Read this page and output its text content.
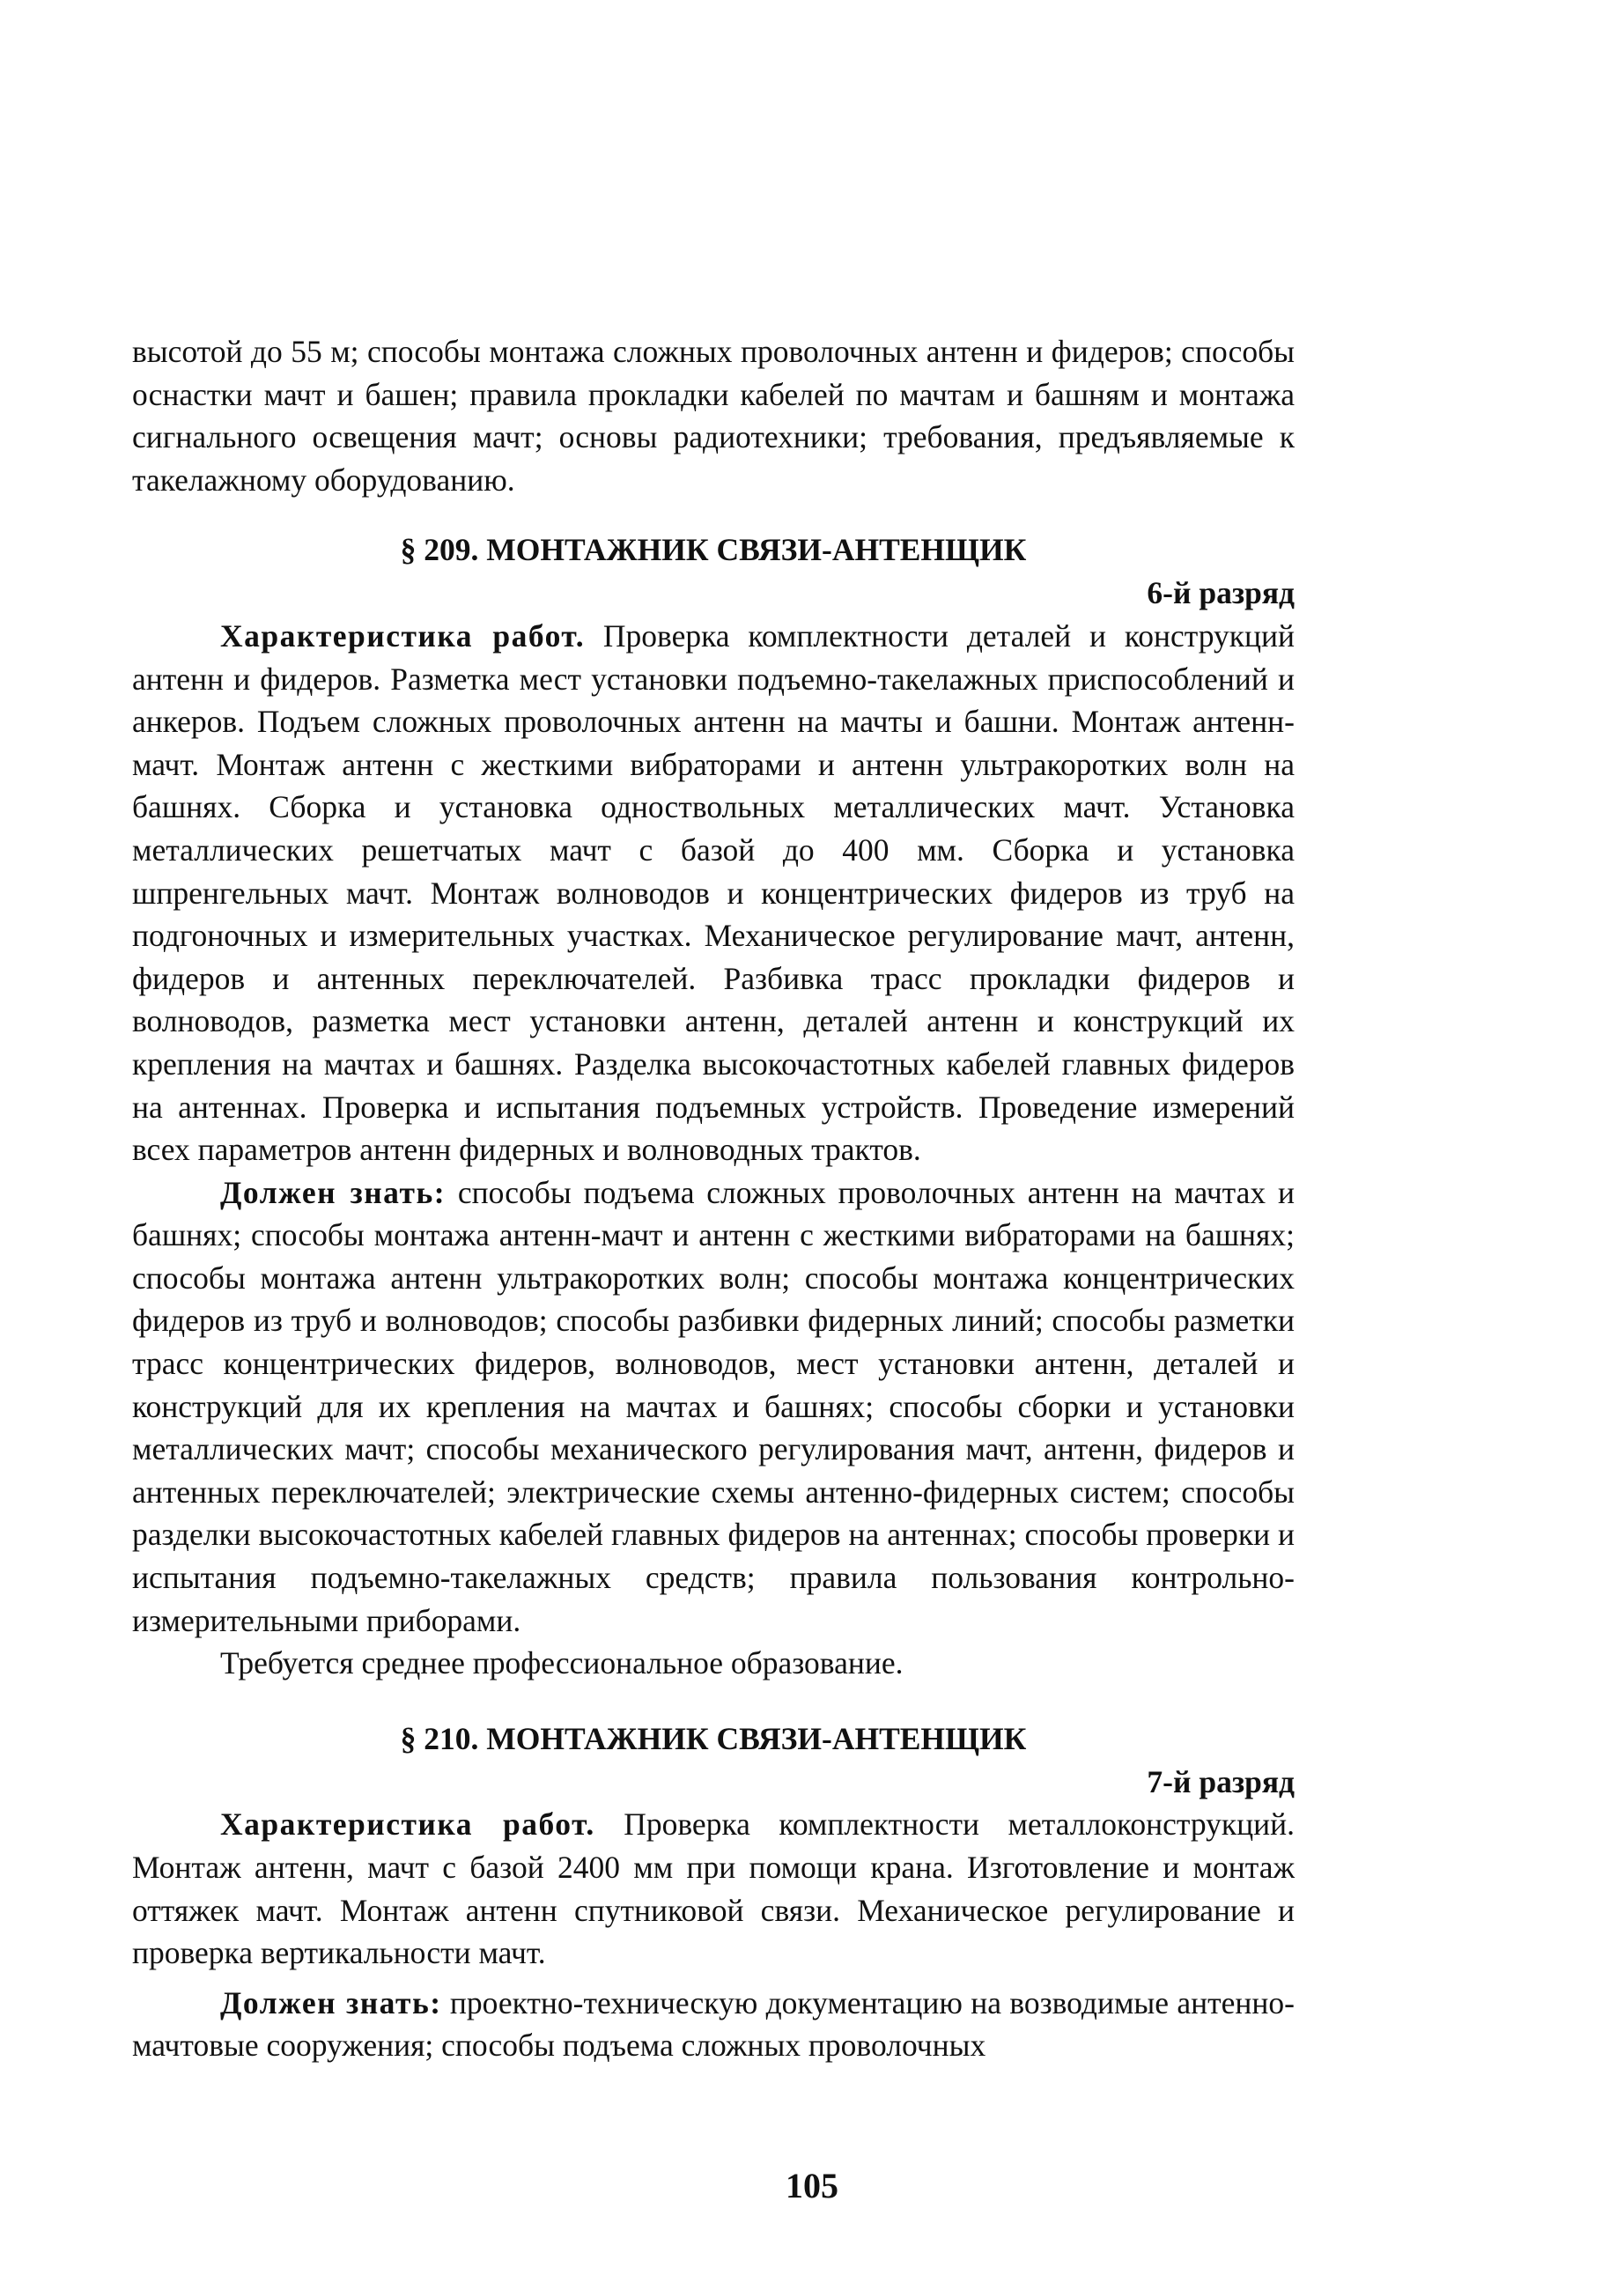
высотой до 55 м; способы монтажа сложных проволочных антенн и фидеров; способы оснастки мачт и башен; правила прокладки кабелей по мачтам и башням и монтажа сигнального освещения мачт; основы радиотехники; требования, предъявляемые к такелажному оборудованию.

§ 209. МОНТАЖНИК СВЯЗИ-АНТЕНЩИК

6-й разряд

Характеристика работ. Проверка комплектности деталей и конструкций антенн и фидеров. Разметка мест установки подъемно-такелажных приспособлений и анкеров. Подъем сложных проволочных антенн на мачты и башни. Монтаж антенн-мачт. Монтаж антенн с жесткими вибраторами и антенн ультракоротких волн на башнях. Сборка и установка одноствольных металлических мачт. Установка металлических решетчатых мачт с базой до 400 мм. Сборка и установка шпренгельных мачт. Монтаж волноводов и концентрических фидеров из труб на подгоночных и измерительных участках. Механическое регулирование мачт, антенн, фидеров и антенных переключателей. Разбивка трасс прокладки фидеров и волноводов, разметка мест установки антенн, деталей антенн и конструкций их крепления на мачтах и башнях. Разделка высокочастотных кабелей главных фидеров на антеннах. Проверка и испытания подъемных устройств. Проведение измерений всех параметров антенн фидерных и волноводных трактов.

Должен знать: способы подъема сложных проволочных антенн на мачтах и башнях; способы монтажа антенн-мачт и антенн с жесткими вибраторами на башнях; способы монтажа антенн ультракоротких волн; способы монтажа концентрических фидеров из труб и волноводов; способы разбивки фидерных линий; способы разметки трасс концентрических фидеров, волноводов, мест установки антенн, деталей и конструкций для их крепления на мачтах и башнях; способы сборки и установки металлических мачт; способы механического регулирования мачт, антенн, фидеров и антенных переключателей; электрические схемы антенно-фидерных систем; способы разделки высокочастотных кабелей главных фидеров на антеннах; способы проверки и испытания подъемно-такелажных средств; правила пользования контрольно-измерительными приборами.

Требуется среднее профессиональное образование.

§ 210. МОНТАЖНИК СВЯЗИ-АНТЕНЩИК

7-й разряд

Характеристика работ. Проверка комплектности металлоконструкций. Монтаж антенн, мачт с базой 2400 мм при помощи крана. Изготовление и монтаж оттяжек мачт. Монтаж антенн спутниковой связи. Механическое регулирование и проверка вертикальности мачт.

Должен знать: проектно-техническую документацию на возводимые антенно-мачтовые сооружения; способы подъема сложных проволочных

105
